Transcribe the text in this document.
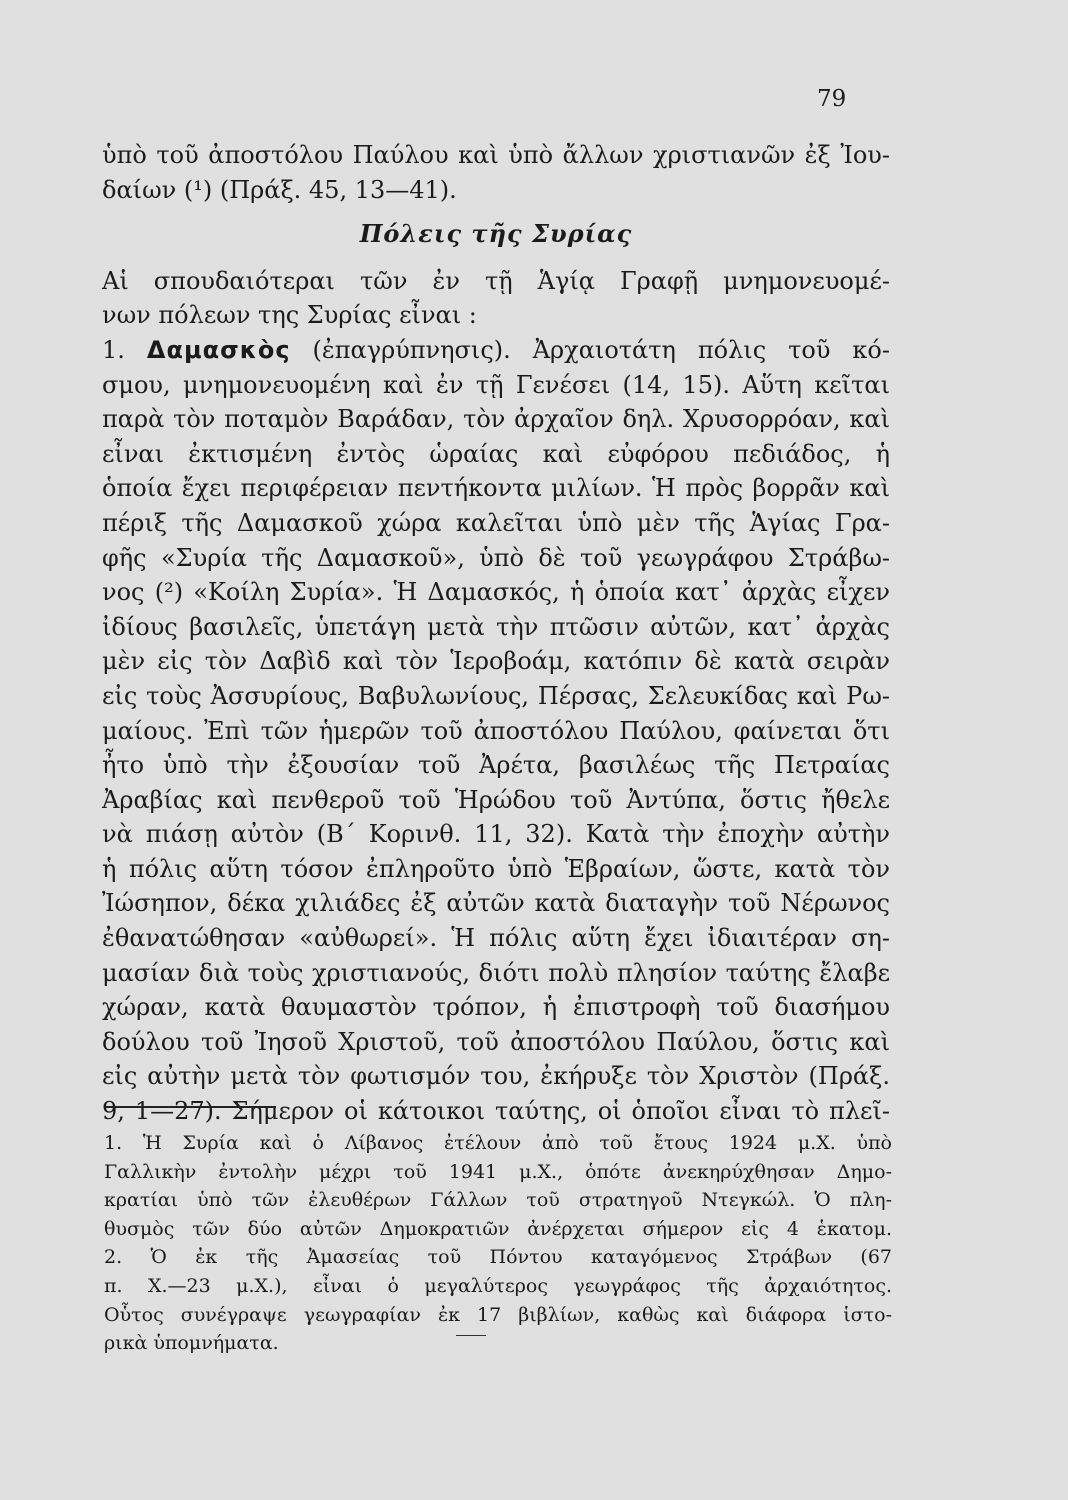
79
ὑπὸ τοῦ ἀποστόλου Παύλου καὶ ὑπὸ ἄλλων χριστιανῶν ἐξ Ἰου-
δαίων (¹) (Πράξ. 45, 13—41).
Πόλεις τῆς Συρίας
Αἱ σπουδαιότεραι τῶν ἐν τῇ Ἁγίᾳ Γραφῇ μνημονευομέ-
νων πόλεων της Συρίας εἶναι :
1. Δαμασκὸς (ἐπαγρύπνησις). Ἀρχαιοτάτη πόλις τοῦ κό-
σμου, μνημονευομένη καὶ ἐν τῇ Γενέσει (14, 15). Αὕτη κεῖται
παρὰ τὸν ποταμὸν Βαράδαν, τὸν ἀρχαῖον δηλ. Χρυσορρόαν, καὶ
εἶναι ἐκτισμένη ἐντὸς ὡραίας καὶ εὐφόρου πεδιάδος, ἡ
ὁποία ἔχει περιφέρειαν πεντήκοντα μιλίων. Ἡ πρὸς βορρᾶν καὶ
πέριξ τῆς Δαμασκοῦ χώρα καλεῖται ὑπὸ μὲν τῆς Ἁγίας Γρα-
φῆς «Συρία τῆς Δαμασκοῦ», ὑπὸ δὲ τοῦ γεωγράφου Στράβω-
νος (²) «Κοίλη Συρία». Ἡ Δαμασκός, ἡ ὁποία κατ᾽ ἀρχὰς εἶχεν
ἰδίους βασιλεῖς, ὑπετάγη μετὰ τὴν πτῶσιν αὐτῶν, κατ᾽ ἀρχὰς
μὲν εἰς τὸν Δαβὶδ καὶ τὸν Ἱεροβοάμ, κατόπιν δὲ κατὰ σειρὰν
εἰς τοὺς Ἀσσυρίους, Βαβυλωνίους, Πέρσας, Σελευκίδας καὶ Ρω-
μαίους. Ἐπὶ τῶν ἡμερῶν τοῦ ἀποστόλου Παύλου, φαίνεται ὅτι
ἦτο ὑπὸ τὴν ἐξουσίαν τοῦ Ἀρέτα, βασιλέως τῆς Πετραίας
Ἀραβίας καὶ πενθεροῦ τοῦ Ἡρώδου τοῦ Ἀντύπα, ὅστις ἤθελε
νὰ πιάσῃ αὐτὸν (Β´ Κορινθ. 11, 32). Κατὰ τὴν ἐποχὴν αὐτὴν
ἡ πόλις αὕτη τόσον ἐπληροῦτο ὑπὸ Ἑβραίων, ὥστε, κατὰ τὸν
Ἰώσηπον, δέκα χιλιάδες ἐξ αὐτῶν κατὰ διαταγὴν τοῦ Νέρωνος
ἐθανατώθησαν «αὐθωρεί». Ἡ πόλις αὕτη ἔχει ἰδιαιτέραν ση-
μασίαν διὰ τοὺς χριστιανούς, διότι πολὺ πλησίον ταύτης ἔλαβε
χώραν, κατὰ θαυμαστὸν τρόπον, ἡ ἐπιστροφὴ τοῦ διασήμου
δούλου τοῦ Ἰησοῦ Χριστοῦ, τοῦ ἀποστόλου Παύλου, ὅστις καὶ
εἰς αὐτὴν μετὰ τὸν φωτισμόν του, ἐκήρυξε τὸν Χριστὸν (Πράξ.
9, 1—27). Σήμερον οἱ κάτοικοι ταύτης, οἱ ὁποῖοι εἶναι τὸ πλεῖ-
1. Ἡ Συρία καὶ ὁ Λίβανος ἐτέλουν ἀπὸ τοῦ ἔτους 1924 μ.Χ. ὑπὸ
Γαλλικὴν ἐντολὴν μέχρι τοῦ 1941 μ.Χ., ὁπότε ἀνεκηρύχθησαν Δημο-
κρατίαι ὑπὸ τῶν ἐλευθέρων Γάλλων τοῦ στρατηγοῦ Ντεγκώλ. Ὁ πλη-
θυσμὸς τῶν δύο αὐτῶν Δημοκρατιῶν ἀνέρχεται σήμερον εἰς 4 ἑκατομ.
2. Ὁ ἐκ τῆς Ἀμασείας τοῦ Πόντου καταγόμενος Στράβων (67
π. Χ.—23 μ.Χ.), εἶναι ὁ μεγαλύτερος γεωγράφος τῆς ἀρχαιότητος.
Οὗτος συνέγραψε γεωγραφίαν ἐκ 17 βιβλίων, καθὼς καὶ διάφορα ἱστο-
ρικὰ ὑπομνήματα.
